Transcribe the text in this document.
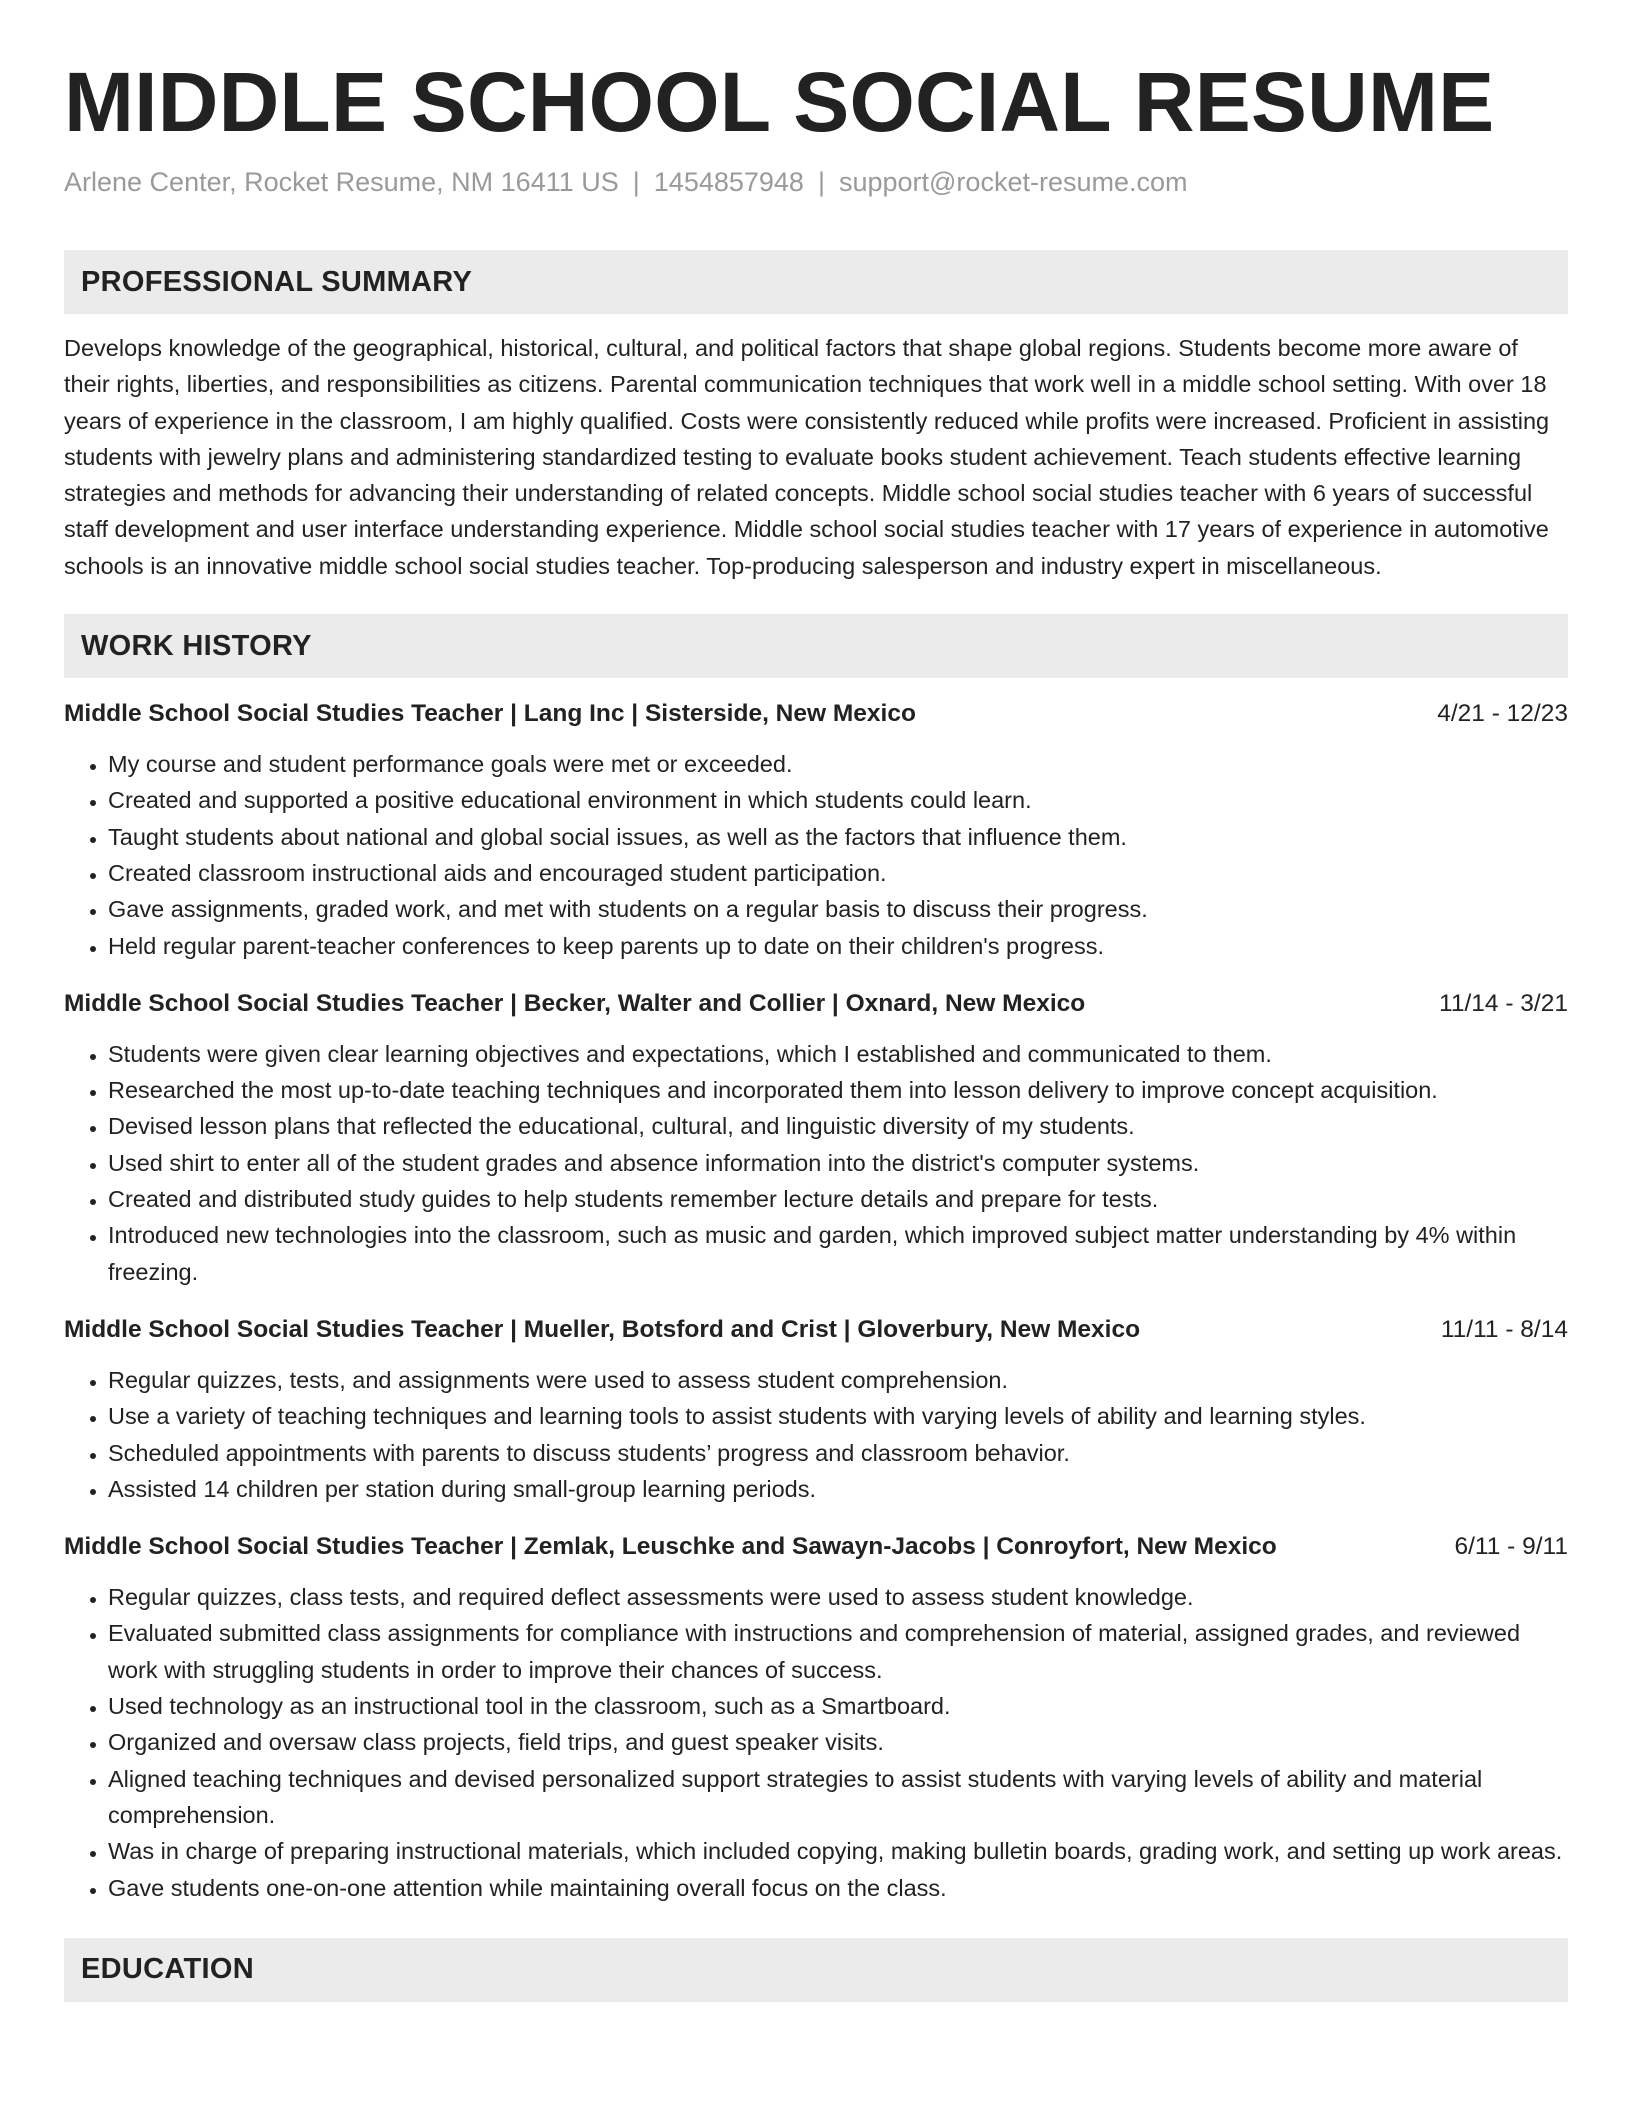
MIDDLE SCHOOL SOCIAL RESUME
Arlene Center, Rocket Resume, NM 16411 US | 1454857948 | support@rocket-resume.com
PROFESSIONAL SUMMARY

Develops knowledge of the geographical, historical, cultural, and political factors that shape global regions. Students become more aware of their rights, liberties, and responsibilities as citizens. Parental communication techniques that work well in a middle school setting. With over 18 years of experience in the classroom, I am highly qualified. Costs were consistently reduced while profits were increased. Proficient in assisting students with jewelry plans and administering standardized testing to evaluate books student achievement. Teach students effective learning strategies and methods for advancing their understanding of related concepts. Middle school social studies teacher with 6 years of successful staff development and user interface understanding experience. Middle school social studies teacher with 17 years of experience in automotive schools is an innovative middle school social studies teacher. Top-producing salesperson and industry expert in miscellaneous.

WORK HISTORY
Middle School Social Studies Teacher | Lang Inc | Sisterside, New Mexico	4/21 - 12/23
• My course and student performance goals were met or exceeded.
• Created and supported a positive educational environment in which students could learn.
• Taught students about national and global social issues, as well as the factors that influence them.
• Created classroom instructional aids and encouraged student participation.
• Gave assignments, graded work, and met with students on a regular basis to discuss their progress.
• Held regular parent-teacher conferences to keep parents up to date on their children's progress.
Middle School Social Studies Teacher | Becker, Walter and Collier | Oxnard, New Mexico	11/14 - 3/21
• Students were given clear learning objectives and expectations, which I established and communicated to them.
• Researched the most up-to-date teaching techniques and incorporated them into lesson delivery to improve concept acquisition.
• Devised lesson plans that reflected the educational, cultural, and linguistic diversity of my students.
• Used shirt to enter all of the student grades and absence information into the district's computer systems.
• Created and distributed study guides to help students remember lecture details and prepare for tests.
• Introduced new technologies into the classroom, such as music and garden, which improved subject matter understanding by 4% within freezing.
Middle School Social Studies Teacher | Mueller, Botsford and Crist | Gloverbury, New Mexico	11/11 - 8/14
• Regular quizzes, tests, and assignments were used to assess student comprehension.
• Use a variety of teaching techniques and learning tools to assist students with varying levels of ability and learning styles.
• Scheduled appointments with parents to discuss students’ progress and classroom behavior.
• Assisted 14 children per station during small-group learning periods.
Middle School Social Studies Teacher | Zemlak, Leuschke and Sawayn-Jacobs | Conroyfort, New Mexico	6/11 - 9/11
• Regular quizzes, class tests, and required deflect assessments were used to assess student knowledge.
• Evaluated submitted class assignments for compliance with instructions and comprehension of material, assigned grades, and reviewed work with struggling students in order to improve their chances of success.
• Used technology as an instructional tool in the classroom, such as a Smartboard.
• Organized and oversaw class projects, field trips, and guest speaker visits.
• Aligned teaching techniques and devised personalized support strategies to assist students with varying levels of ability and material comprehension.
• Was in charge of preparing instructional materials, which included copying, making bulletin boards, grading work, and setting up work areas.
• Gave students one-on-one attention while maintaining overall focus on the class.
EDUCATION
